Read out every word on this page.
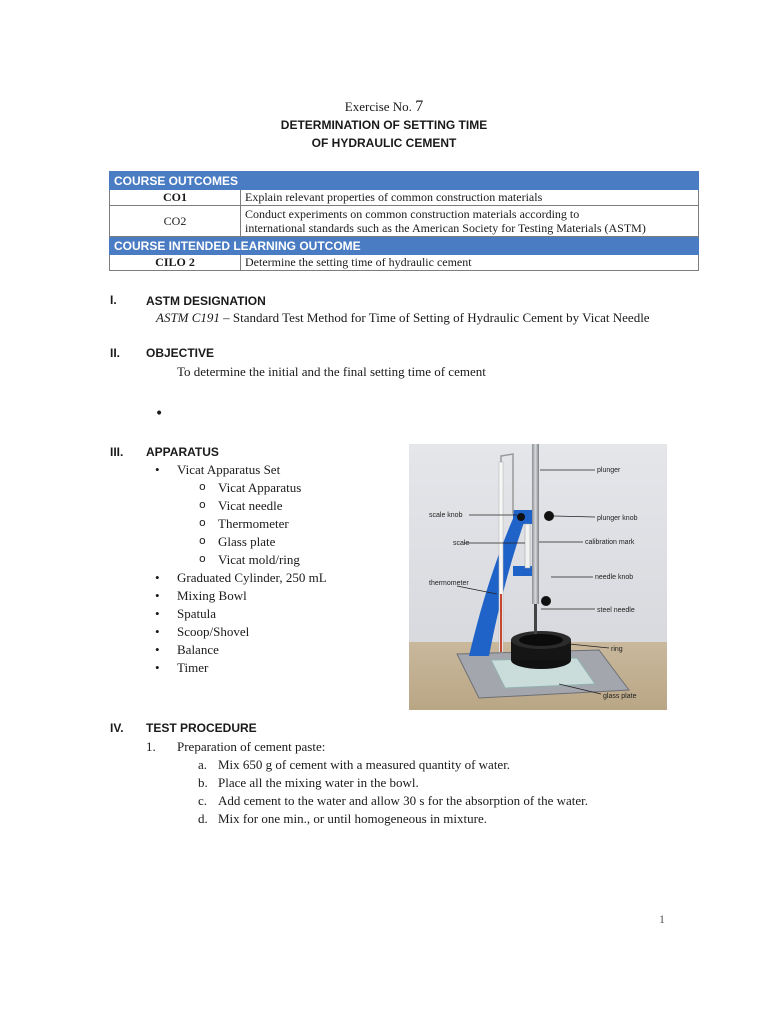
Exercise No. 7
DETERMINATION OF SETTING TIME
OF HYDRAULIC CEMENT
COURSE OUTCOMES	
CO1	Explain relevant properties of common construction materials
CO2	Conduct experiments on common construction materials according to
international standards such as the American Society for Testing Materials (ASTM)

COURSE INTENDED LEARNING OUTCOME	
CILO 2	Determine the setting time of hydraulic cement
I. ASTM DESIGNATION
ASTM C191 – Standard Test Method for Time of Setting of Hydraulic Cement by Vicat Needle
II. OBJECTIVE
To determine the initial and the final setting time of cement
•
III. APPARATUS
• Vicat Apparatus Set
o Vicat Apparatus
o Vicat needle
o Thermometer
o Glass plate
o Vicat mold/ring
• Graduated Cylinder, 250 mL
• Mixing Bowl
• Spatula
• Scoop/Shovel
• Balance
• Timer
plunger
scale knob	plunger knob
scale	calibration mark
thermometer
needle knob
steel needle
ring
glass plate
IV. TEST PROCEDURE
1. Preparation of cement paste:
a. Mix 650 g of cement with a measured quantity of water.
b. Place all the mixing water in the bowl.
c. Add cement to the water and allow 30 s for the absorption of the water.
d. Mix for one min., or until homogeneous in mixture.
1
